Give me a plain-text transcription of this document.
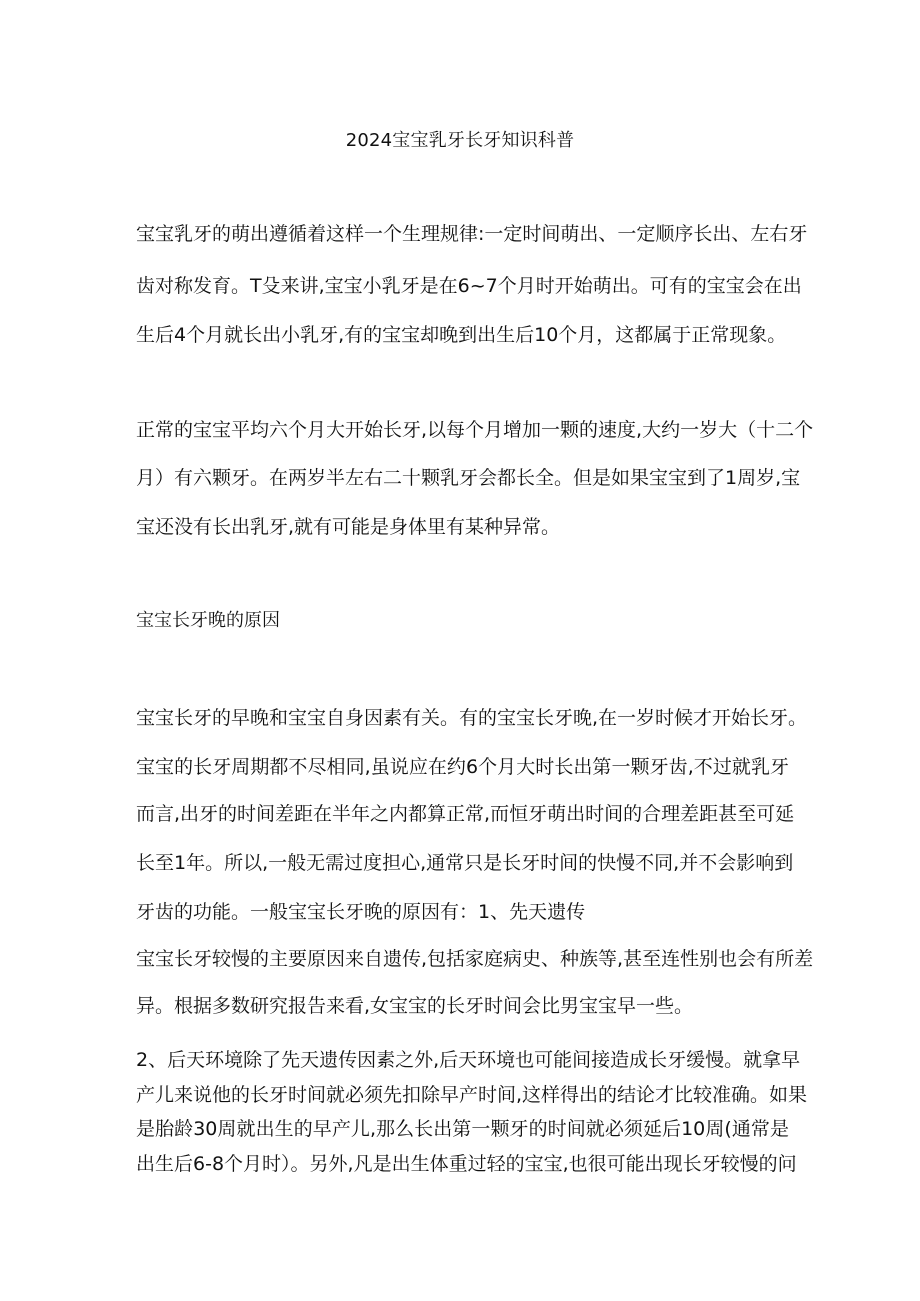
2024宝宝乳牙长牙知识科普
宝宝乳牙的萌出遵循着这样一个生理规律:一定时间萌出、一定顺序长出、左右牙
齿对称发育。T殳来讲,宝宝小乳牙是在6~7个月时开始萌出。可有的宝宝会在出
生后4个月就长出小乳牙,有的宝宝却晚到出生后10个月，这都属于正常现象。
正常的宝宝平均六个月大开始长牙,以每个月增加一颗的速度,大约一岁大（十二个
月）有六颗牙。在两岁半左右二十颗乳牙会都长全。但是如果宝宝到了1周岁,宝
宝还没有长出乳牙,就有可能是身体里有某种异常。
宝宝长牙晚的原因
宝宝长牙的早晚和宝宝自身因素有关。有的宝宝长牙晚,在一岁时候才开始长牙。
宝宝的长牙周期都不尽相同,虽说应在约6个月大时长出第一颗牙齿,不过就乳牙
而言,出牙的时间差距在半年之内都算正常,而恒牙萌出时间的合理差距甚至可延
长至1年。所以,一般无需过度担心,通常只是长牙时间的快慢不同,并不会影响到
牙齿的功能。一般宝宝长牙晚的原因有：1、先天遗传
宝宝长牙较慢的主要原因来自遗传,包括家庭病史、种族等,甚至连性别也会有所差
异。根据多数研究报告来看,女宝宝的长牙时间会比男宝宝早一些。
2、后天环境除了先天遗传因素之外,后天环境也可能间接造成长牙缓慢。就拿早
产儿来说他的长牙时间就必须先扣除早产时间,这样得出的结论才比较准确。如果
是胎龄30周就出生的早产儿,那么长出第一颗牙的时间就必须延后10周(通常是
出生后6-8个月时）。另外,凡是出生体重过轻的宝宝,也很可能出现长牙较慢的问
